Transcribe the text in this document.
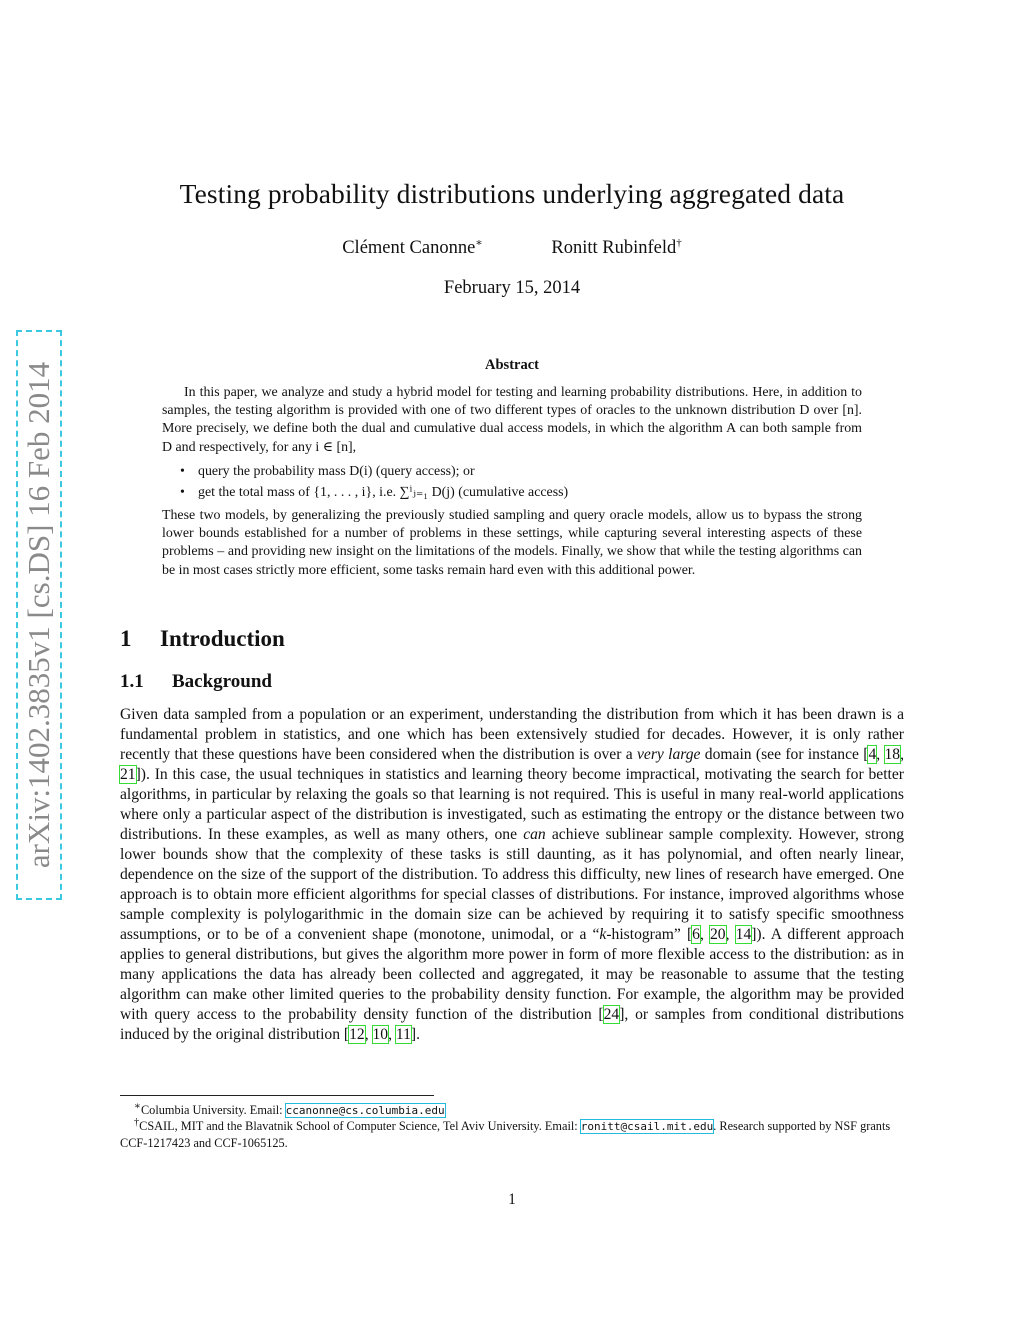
arXiv:1402.3835v1 [cs.DS] 16 Feb 2014
Testing probability distributions underlying aggregated data
Clément Canonne∗	Ronitt Rubinfeld†
February 15, 2014
Abstract
In this paper, we analyze and study a hybrid model for testing and learning probability distributions. Here, in addition to samples, the testing algorithm is provided with one of two different types of oracles to the unknown distribution D over [n]. More precisely, we define both the dual and cumulative dual access models, in which the algorithm A can both sample from D and respectively, for any i ∈ [n],
• query the probability mass D(i) (query access); or
• get the total mass of {1, . . . , i}, i.e. ∑ⁱⱼ₌₁ D(j) (cumulative access)
These two models, by generalizing the previously studied sampling and query oracle models, allow us to bypass the strong lower bounds established for a number of problems in these settings, while capturing several interesting aspects of these problems – and providing new insight on the limitations of the models. Finally, we show that while the testing algorithms can be in most cases strictly more efficient, some tasks remain hard even with this additional power.
1 Introduction
1.1 Background
Given data sampled from a population or an experiment, understanding the distribution from which it has been drawn is a fundamental problem in statistics, and one which has been extensively studied for decades. However, it is only rather recently that these questions have been considered when the distribution is over a very large domain (see for instance [4, 18, 21]). In this case, the usual techniques in statistics and learning theory become impractical, motivating the search for better algorithms, in particular by relaxing the goals so that learning is not required. This is useful in many real-world applications where only a particular aspect of the distribution is investigated, such as estimating the entropy or the distance between two distributions. In these examples, as well as many others, one can achieve sublinear sample complexity. However, strong lower bounds show that the complexity of these tasks is still daunting, as it has polynomial, and often nearly linear, dependence on the size of the support of the distribution. To address this difficulty, new lines of research have emerged. One approach is to obtain more efficient algorithms for special classes of distributions. For instance, improved algorithms whose sample complexity is polylogarithmic in the domain size can be achieved by requiring it to satisfy specific smoothness assumptions, or to be of a convenient shape (monotone, unimodal, or a “k-histogram” [6, 20, 14]). A different approach applies to general distributions, but gives the algorithm more power in form of more flexible access to the distribution: as in many applications the data has already been collected and aggregated, it may be reasonable to assume that the testing algorithm can make other limited queries to the probability density function. For example, the algorithm may be provided with query access to the probability density function of the distribution [24], or samples from conditional distributions induced by the original distribution [12, 10, 11].
∗Columbia University. Email: ccanonne@cs.columbia.edu
†CSAIL, MIT and the Blavatnik School of Computer Science, Tel Aviv University. Email: ronitt@csail.mit.edu. Research supported by NSF grants CCF-1217423 and CCF-1065125.
1
